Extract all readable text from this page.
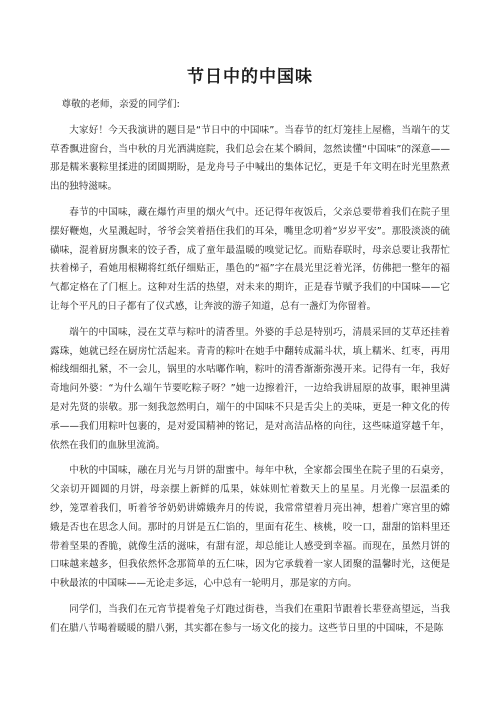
节日中的中国味

尊敬的老师，亲爱的同学们:

大家好！今天我演讲的题目是“节日中的中国味”。当春节的红灯笼挂上屋檐，当端午的艾草香飘进窗台，当中秋的月光洒满庭院，我们总会在某个瞬间，忽然读懂“中国味”的深意——那是糯米裹粽里揉进的团圆期盼，是龙舟号子中喊出的集体记忆，更是千年文明在时光里熬煮出的独特滋味。

春节的中国味，藏在爆竹声里的烟火气中。还记得年夜饭后，父亲总要带着我们在院子里摆好鞭炮，火星溅起时，爷爷会笑着捂住我们的耳朵，嘴里念叨着“岁岁平安”。那股淡淡的硫磺味，混着厨房飘来的饺子香，成了童年最温暖的嗅觉记忆。而贴春联时，母亲总要让我帮忙扶着梯子，看她用根糊将红纸仔细贴正，墨色的“福”字在晨光里泛着光泽，仿佛把一整年的福气都定格在了门框上。这种对生活的热望，对未来的期许，正是春节赋予我们的中国味——它让每个平凡的日子都有了仪式感，让奔波的游子知道，总有一盏灯为你留着。

端午的中国味，浸在艾草与粽叶的清香里。外婆的手总是特别巧，清晨采回的艾草还挂着露珠，她就已经在厨房忙活起来。青青的粽叶在她手中翻转成漏斗状，填上糯米、红枣，再用棉线细细扎紧，不一会儿，锅里的水咕嘟作响，粽叶的清香渐渐弥漫开来。记得有一年，我好奇地问外婆：“为什么端午节要吃粽子呀？”她一边擦着汗，一边给我讲屈原的故事，眼神里满是对先贤的崇敬。那一刻我忽然明白，端午的中国味不只是舌尖上的美味，更是一种文化的传承——我们用粽叶包裹的，是对爱国精神的铭记，是对高洁品格的向往，这些味道穿越千年，依然在我们的血脉里流淌。

中秋的中国味，融在月光与月饼的甜蜜中。每年中秋，全家都会围坐在院子里的石桌旁，父亲切开圆圆的月饼，母亲摆上新鲜的瓜果，妹妹则忙着数天上的星星。月光像一层温柔的纱，笼罩着我们，听着爷爷奶奶讲嫦娥奔月的传说，我常常望着月亮出神，想着广寒宫里的嫦娥是否也在思念人间。那时的月饼是五仁馅的，里面有花生、核桃，咬一口，甜甜的馅料里还带着坚果的香脆，就像生活的滋味，有甜有涩，却总能让人感受到幸福。而现在，虽然月饼的口味越来越多，但我依然怀念那简单的五仁味，因为它承载着一家人团聚的温馨时光，这便是中秋最浓的中国味——无论走多远，心中总有一轮明月，那是家的方向。

同学们，当我们在元宵节提着兔子灯跑过街巷，当我们在重阳节跟着长辈登高望远，当我们在腊八节喝着暖暖的腊八粥，其实都在参与一场文化的接力。这些节日里的中国味，不是陈
